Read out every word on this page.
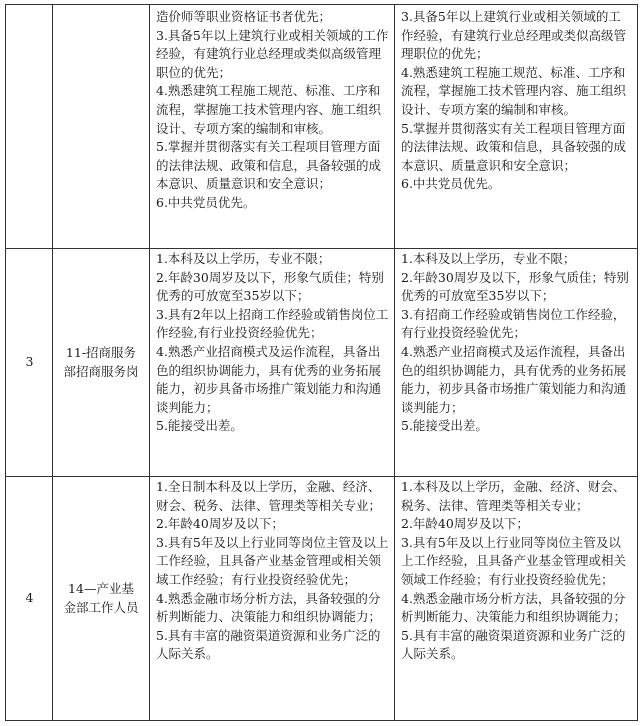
		造价师等职业资格证书者优先；
3.具备5年以上建筑行业或相关领域的工作经验，有建筑行业总经理或类似高级管理职位的优先；
4.熟悉建筑工程施工规范、标准、工序和流程，掌握施工技术管理内容、施工组织设计、专项方案的编制和审核。
5.掌握并贯彻落实有关工程项目管理方面的法律法规、政策和信息，具备较强的成本意识、质量意识和安全意识；
6.中共党员优先。	3.具备5年以上建筑行业或相关领域的工作经验，有建筑行业总经理或类似高级管理职位的优先；
4.熟悉建筑工程施工规范、标准、工序和流程，掌握施工技术管理内容、施工组织设计、专项方案的编制和审核。
5.掌握并贯彻落实有关工程项目管理方面的法律法规、政策和信息，具备较强的成本意识、质量意识和安全意识；
6.中共党员优先。

3	11-招商服务部招商服务岗	1.本科及以上学历，专业不限；
2.年龄30周岁及以下，形象气质佳；特别优秀的可放宽至35岁以下；
3.具有2年以上招商工作经验或销售岗位工作经验,有行业投资经验优先；
4.熟悉产业招商模式及运作流程，具备出色的组织协调能力，具有优秀的业务拓展能力，初步具备市场推广策划能力和沟通谈判能力；
5.能接受出差。	1.本科及以上学历，专业不限；
2.年龄30周岁及以下，形象气质佳；特别优秀的可放宽至35岁以下；
3.有招商工作经验或销售岗位工作经验，有行业投资经验优先；
4.熟悉产业招商模式及运作流程，具备出色的组织协调能力，具有优秀的业务拓展能力，初步具备市场推广策划能力和沟通谈判能力；
5.能接受出差。

4	14—产业基金部工作人员	1.全日制本科及以上学历，金融、经济、财会、税务、法律、管理类等相关专业；
2.年龄40周岁及以下；
3.具有5年及以上行业同等岗位主管及以上工作经验，且具备产业基金管理或相关领域工作经验；有行业投资经验优先；
4.熟悉金融市场分析方法，具备较强的分析判断能力、决策能力和组织协调能力；
5.具有丰富的融资渠道资源和业务广泛的人际关系。	1.本科及以上学历，金融、经济、财会、税务、法律、管理类等相关专业；
2.年龄40周岁及以下；
3.具有5年及以上行业同等岗位主管及以上工作经验，且具备产业基金管理或相关领域工作经验；有行业投资经验优先；
4.熟悉金融市场分析方法，具备较强的分析判断能力、决策能力和组织协调能力；
5.具有丰富的融资渠道资源和业务广泛的人际关系。
